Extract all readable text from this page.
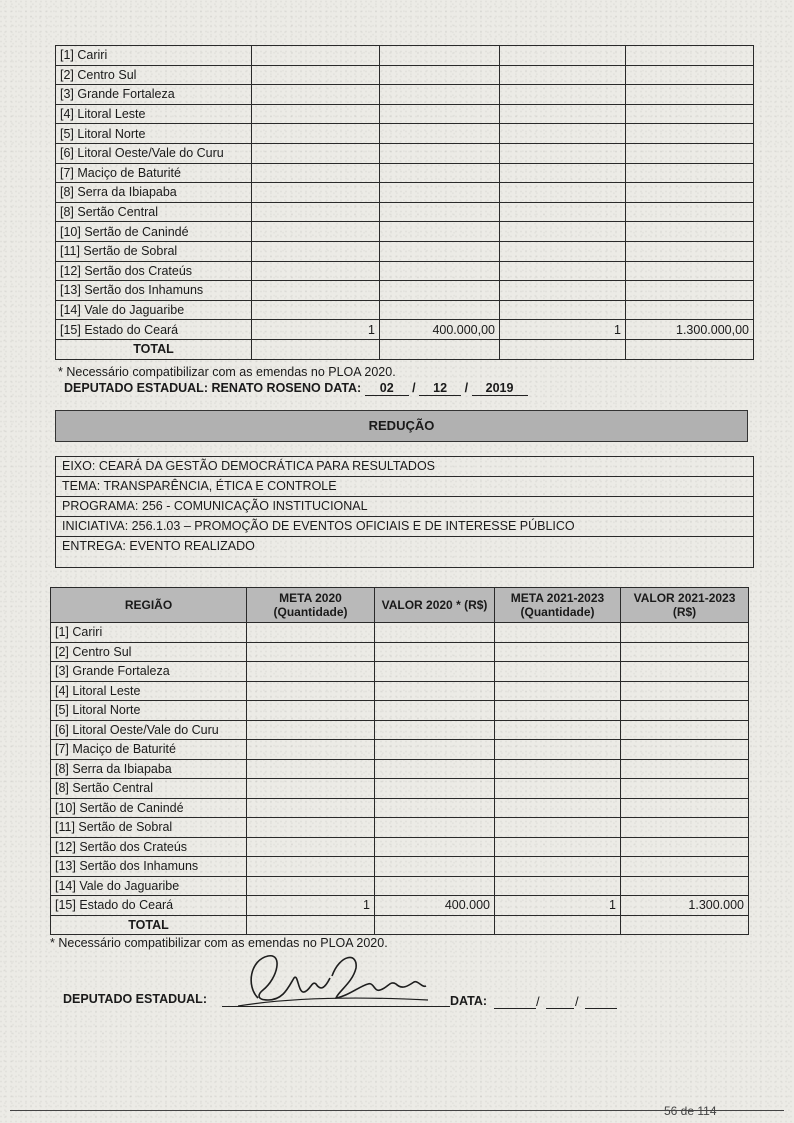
[1] Cariri				
[2] Centro Sul				
[3] Grande Fortaleza				
[4] Litoral Leste				
[5] Litoral Norte				
[6] Litoral Oeste/Vale do Curu				
[7] Maciço de Baturité				
[8] Serra da Ibiapaba				
[8] Sertão Central				
[10] Sertão de Canindé				
[11] Sertão de Sobral				
[12] Sertão dos Crateús				
[13] Sertão dos Inhamuns				
[14] Vale do Jaguaribe				
[15] Estado do Ceará	1	400.000,00	1	1.300.000,00
TOTAL				
* Necessário compatibilizar com as emendas no PLOA 2020.
DEPUTADO ESTADUAL: RENATO ROSENO DATA: 02 / 12 / 2019
REDUÇÃO
EIXO: CEARÁ DA GESTÃO DEMOCRÁTICA PARA RESULTADOS
TEMA: TRANSPARÊNCIA, ÉTICA E CONTROLE
PROGRAMA: 256 - COMUNICAÇÃO INSTITUCIONAL
INICIATIVA: 256.1.03 – PROMOÇÃO DE EVENTOS OFICIAIS E DE INTERESSE PÚBLICO
ENTREGA: EVENTO REALIZADO
REGIÃO	META 2020 (Quantidade)	VALOR 2020 * (R$)	META 2021-2023 (Quantidade)	VALOR 2021-2023 (R$)
[1] Cariri				
[2] Centro Sul				
[3] Grande Fortaleza				
[4] Litoral Leste				
[5] Litoral Norte				
[6] Litoral Oeste/Vale do Curu				
[7] Maciço de Baturité				
[8] Serra da Ibiapaba				
[8] Sertão Central				
[10] Sertão de Canindé				
[11] Sertão de Sobral				
[12] Sertão dos Crateús				
[13] Sertão dos Inhamuns				
[14] Vale do Jaguaribe				
[15] Estado do Ceará	1	400.000	1	1.300.000
TOTAL				
* Necessário compatibilizar com as emendas no PLOA 2020.
DEPUTADO ESTADUAL:	DATA:	/	/
56 de 114
